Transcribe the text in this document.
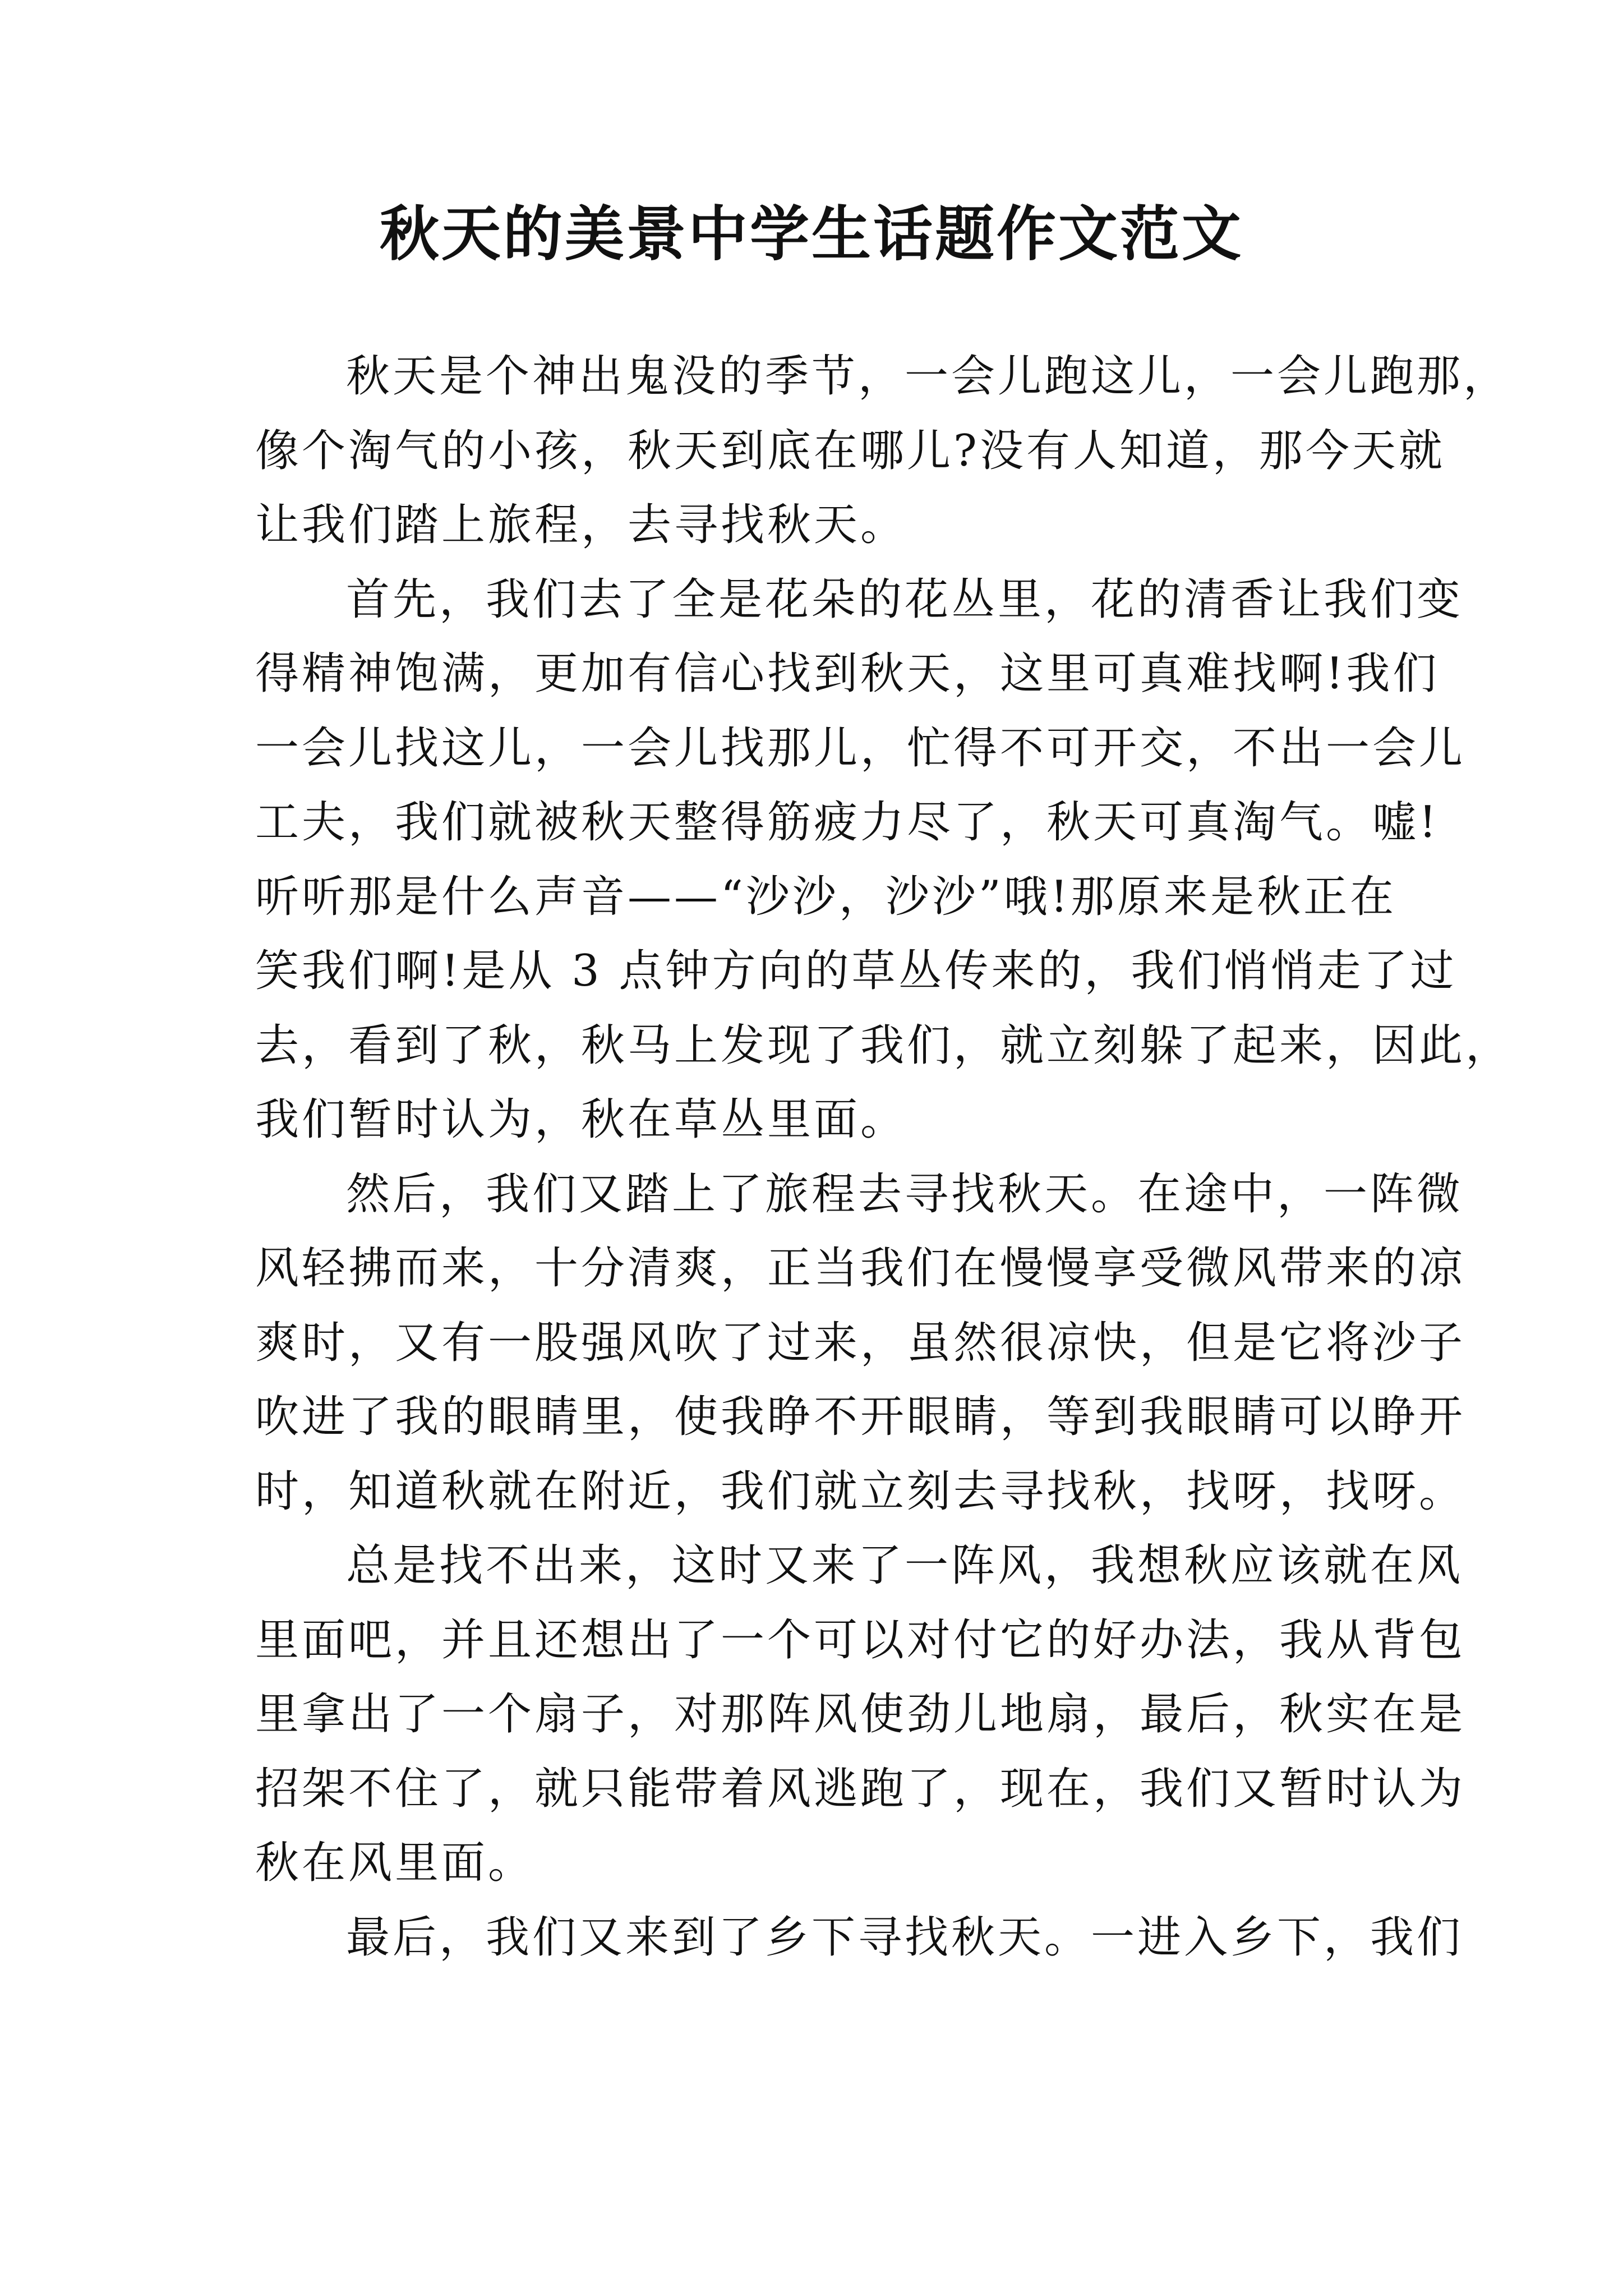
秋天的美景中学生话题作文范文
秋天是个神出鬼没的季节，一会儿跑这儿，一会儿跑那，
像个淘气的小孩，秋天到底在哪儿?没有人知道，那今天就
让我们踏上旅程，去寻找秋天。
首先，我们去了全是花朵的花丛里，花的清香让我们变
得精神饱满，更加有信心找到秋天，这里可真难找啊!我们
一会儿找这儿，一会儿找那儿，忙得不可开交，不出一会儿
工夫，我们就被秋天整得筋疲力尽了，秋天可真淘气。嘘!
听听那是什么声音——“沙沙，沙沙”哦!那原来是秋正在
笑我们啊!是从 3 点钟方向的草丛传来的，我们悄悄走了过
去，看到了秋，秋马上发现了我们，就立刻躲了起来，因此，
我们暂时认为，秋在草丛里面。
然后，我们又踏上了旅程去寻找秋天。在途中，一阵微
风轻拂而来，十分清爽，正当我们在慢慢享受微风带来的凉
爽时，又有一股强风吹了过来，虽然很凉快，但是它将沙子
吹进了我的眼睛里，使我睁不开眼睛，等到我眼睛可以睁开
时，知道秋就在附近，我们就立刻去寻找秋，找呀，找呀。
总是找不出来，这时又来了一阵风，我想秋应该就在风
里面吧，并且还想出了一个可以对付它的好办法，我从背包
里拿出了一个扇子，对那阵风使劲儿地扇，最后，秋实在是
招架不住了，就只能带着风逃跑了，现在，我们又暂时认为
秋在风里面。
最后，我们又来到了乡下寻找秋天。一进入乡下，我们
